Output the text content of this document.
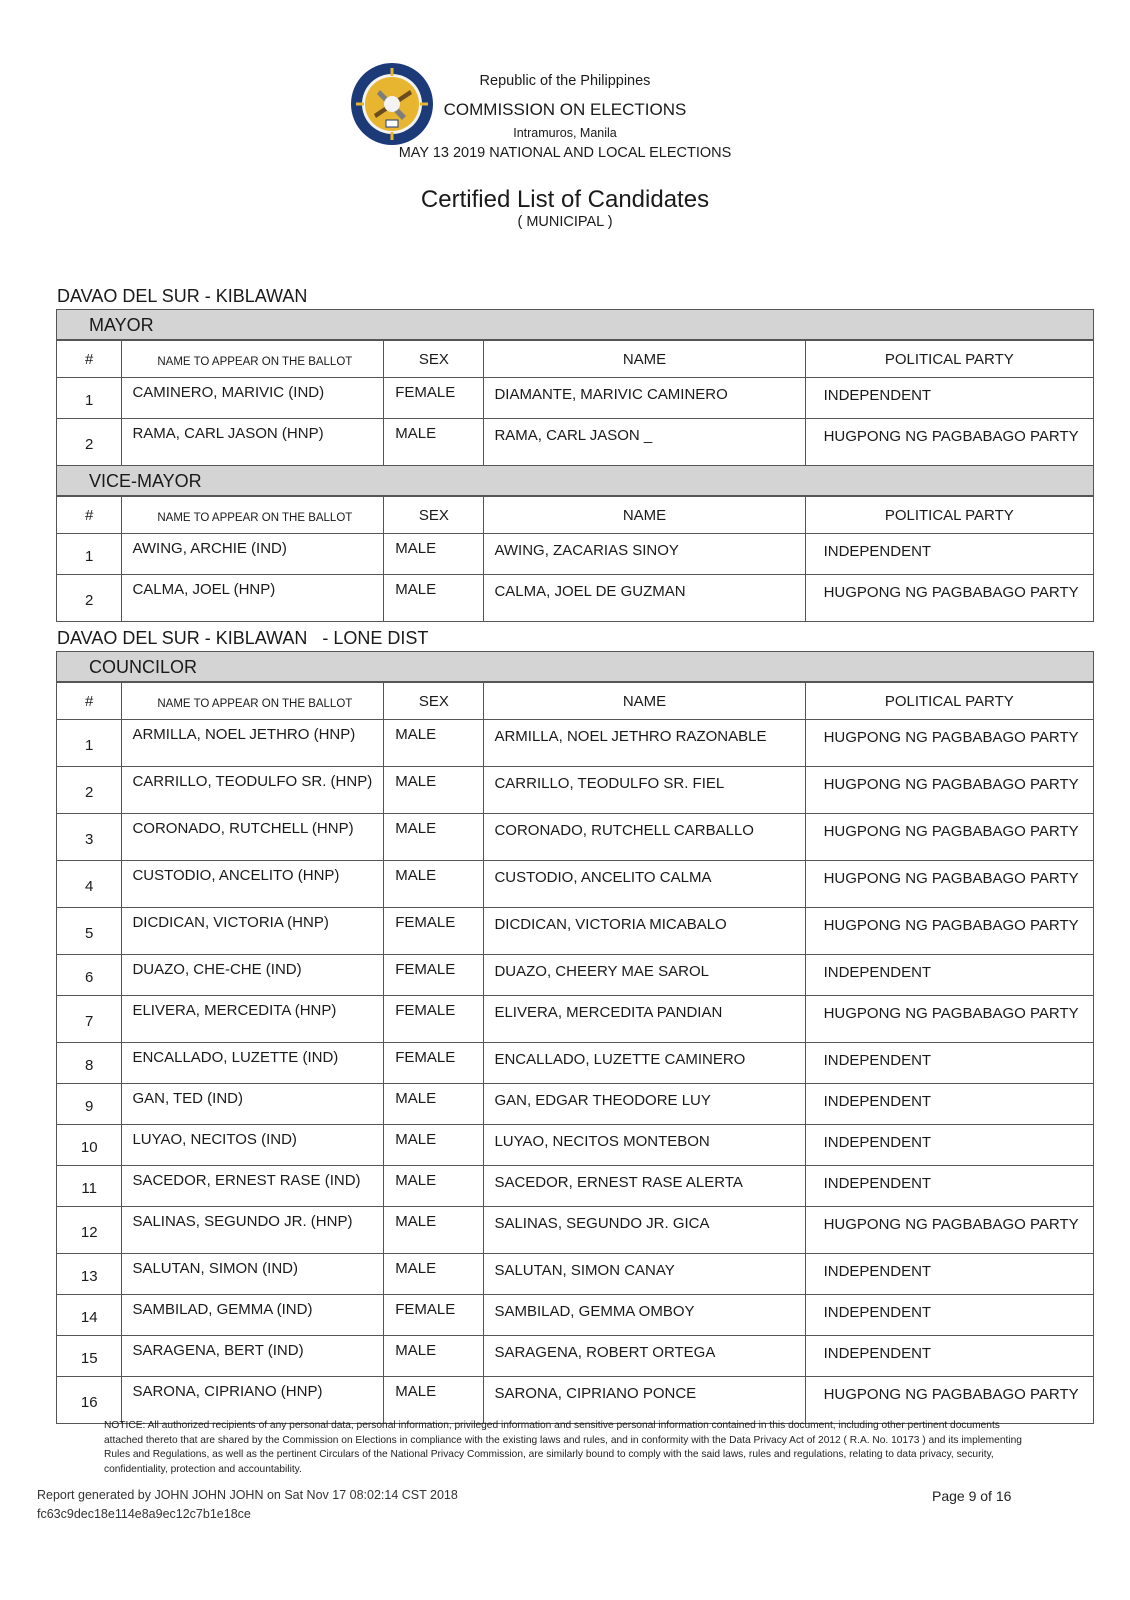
Republic of the Philippines
COMMISSION ON ELECTIONS
Intramuros, Manila
MAY 13 2019 NATIONAL AND LOCAL ELECTIONS
Certified List of Candidates
( MUNICIPAL )
DAVAO DEL SUR - KIBLAWAN
MAYOR				
#	NAME TO APPEAR ON THE BALLOT	SEX	NAME	POLITICAL PARTY
1	CAMINERO, MARIVIC (IND)	FEMALE	DIAMANTE, MARIVIC CAMINERO	INDEPENDENT
2	RAMA, CARL JASON (HNP)	MALE	RAMA, CARL JASON _	HUGPONG NG PAGBABAGO PARTY
VICE-MAYOR				
#	NAME TO APPEAR ON THE BALLOT	SEX	NAME	POLITICAL PARTY
1	AWING, ARCHIE (IND)	MALE	AWING, ZACARIAS SINOY	INDEPENDENT
2	CALMA, JOEL (HNP)	MALE	CALMA, JOEL DE GUZMAN	HUGPONG NG PAGBABAGO PARTY
DAVAO DEL SUR - KIBLAWAN   - LONE DIST
COUNCILOR				
#	NAME TO APPEAR ON THE BALLOT	SEX	NAME	POLITICAL PARTY
1	ARMILLA, NOEL JETHRO (HNP)	MALE	ARMILLA, NOEL JETHRO RAZONABLE	HUGPONG NG PAGBABAGO PARTY
2	CARRILLO, TEODULFO SR. (HNP)	MALE	CARRILLO, TEODULFO SR. FIEL	HUGPONG NG PAGBABAGO PARTY
3	CORONADO, RUTCHELL (HNP)	MALE	CORONADO, RUTCHELL CARBALLO	HUGPONG NG PAGBABAGO PARTY
4	CUSTODIO, ANCELITO (HNP)	MALE	CUSTODIO, ANCELITO CALMA	HUGPONG NG PAGBABAGO PARTY
5	DICDICAN, VICTORIA (HNP)	FEMALE	DICDICAN, VICTORIA MICABALO	HUGPONG NG PAGBABAGO PARTY
6	DUAZO, CHE-CHE (IND)	FEMALE	DUAZO, CHEERY MAE SAROL	INDEPENDENT
7	ELIVERA, MERCEDITA (HNP)	FEMALE	ELIVERA, MERCEDITA PANDIAN	HUGPONG NG PAGBABAGO PARTY
8	ENCALLADO, LUZETTE (IND)	FEMALE	ENCALLADO, LUZETTE CAMINERO	INDEPENDENT
9	GAN, TED (IND)	MALE	GAN, EDGAR THEODORE LUY	INDEPENDENT
10	LUYAO, NECITOS (IND)	MALE	LUYAO, NECITOS MONTEBON	INDEPENDENT
11	SACEDOR, ERNEST RASE (IND)	MALE	SACEDOR, ERNEST RASE ALERTA	INDEPENDENT
12	SALINAS, SEGUNDO JR. (HNP)	MALE	SALINAS, SEGUNDO JR. GICA	HUGPONG NG PAGBABAGO PARTY
13	SALUTAN, SIMON (IND)	MALE	SALUTAN, SIMON CANAY	INDEPENDENT
14	SAMBILAD, GEMMA (IND)	FEMALE	SAMBILAD, GEMMA OMBOY	INDEPENDENT
15	SARAGENA, BERT (IND)	MALE	SARAGENA, ROBERT ORTEGA	INDEPENDENT
16	SARONA, CIPRIANO (HNP)	MALE	SARONA, CIPRIANO PONCE	HUGPONG NG PAGBABAGO PARTY
NOTICE: All authorized recipients of any personal data, personal information, privileged information and sensitive personal information contained in this document, including other pertinent documents attached thereto that are shared by the Commission on Elections in compliance with the existing laws and rules, and in conformity with the Data Privacy Act of 2012 ( R.A. No. 10173 ) and its implementing Rules and Regulations, as well as the pertinent Circulars of the National Privacy Commission, are similarly bound to comply with the said laws, rules and regulations, relating to data privacy, security, confidentiality, protection and accountability.
Report generated by JOHN JOHN JOHN on Sat Nov 17 08:02:14 CST 2018
fc63c9dec18e114e8a9ec12c7b1e18ce
Page 9 of 16
